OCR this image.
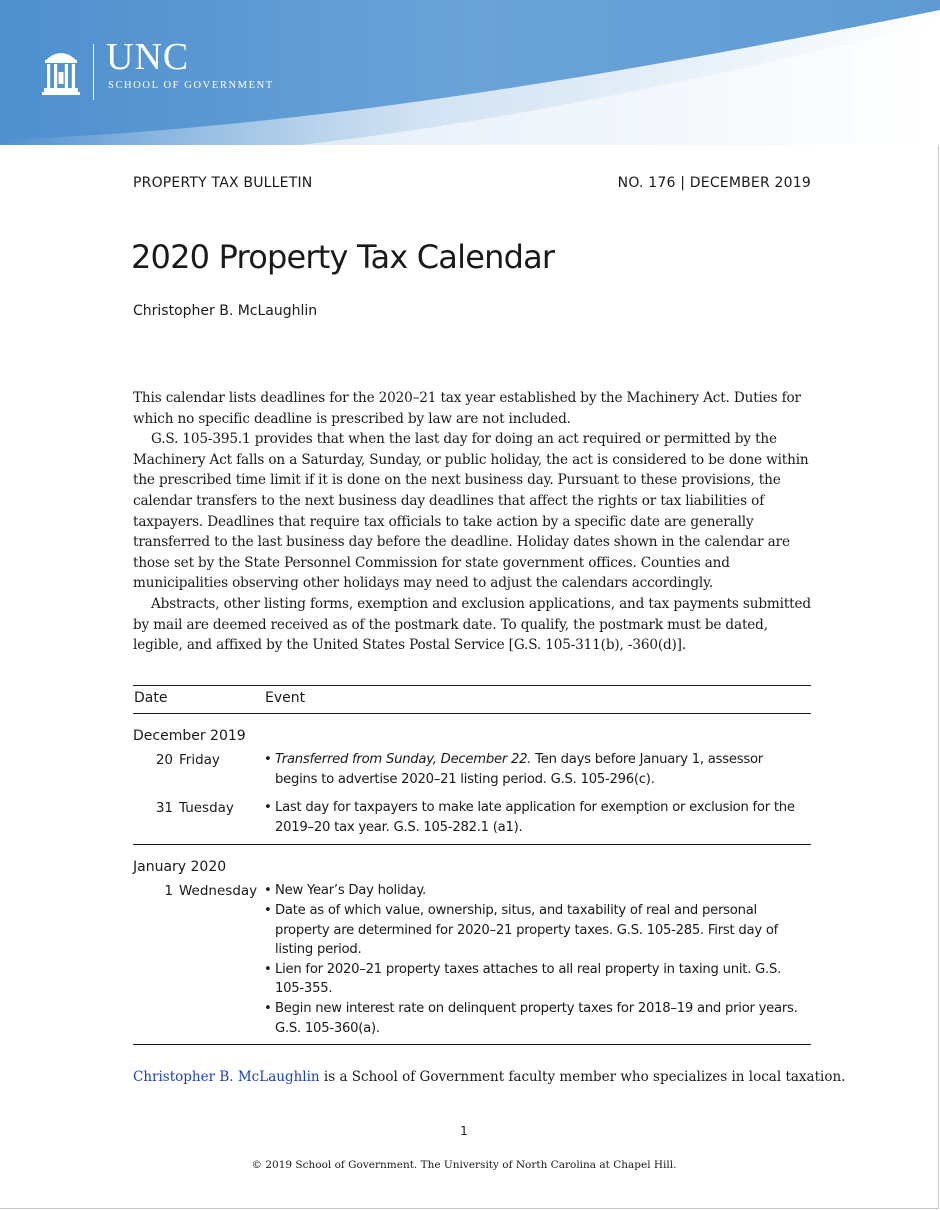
UNC
SCHOOL OF GOVERNMENT
PROPERTY TAX BULLETIN	NO. 176 | DECEMBER 2019
2020 Property Tax Calendar
Christopher B. McLaughlin

This calendar lists deadlines for the 2020–21 tax year established by the Machinery Act. Duties for which no specific deadline is prescribed by law are not included.

G.S. 105-395.1 provides that when the last day for doing an act required or permitted by the Machinery Act falls on a Saturday, Sunday, or public holiday, the act is considered to be done within the prescribed time limit if it is done on the next business day. Pursuant to these provisions, the calendar transfers to the next business day deadlines that affect the rights or tax liabilities of taxpayers. Deadlines that require tax officials to take action by a specific date are generally transferred to the last business day before the deadline. Holiday dates shown in the calendar are those set by the State Personnel Commission for state government offices. Counties and municipalities observing other holidays may need to adjust the calendars accordingly.

Abstracts, other listing forms, exemption and exclusion applications, and tax payments submitted by mail are deemed received as of the postmark date. To qualify, the postmark must be dated, legible, and affixed by the United States Postal Service [G.S. 105-311(b), -360(d)].

Date	Event
December 2019
20 Friday	• Transferred from Sunday, December 22. Ten days before January 1, assessor begins to advertise 2020–21 listing period. G.S. 105-296(c).
31 Tuesday	• Last day for taxpayers to make late application for exemption or exclusion for the 2019–20 tax year. G.S. 105-282.1 (a1).
January 2020
1 Wednesday	• New Year’s Day holiday.
• Date as of which value, ownership, situs, and taxability of real and personal property are determined for 2020–21 property taxes. G.S. 105-285. First day of listing period.
• Lien for 2020–21 property taxes attaches to all real property in taxing unit. G.S. 105-355.
• Begin new interest rate on delinquent property taxes for 2018–19 and prior years. G.S. 105-360(a).
Christopher B. McLaughlin is a School of Government faculty member who specializes in local taxation.
1
© 2019 School of Government. The University of North Carolina at Chapel Hill.
